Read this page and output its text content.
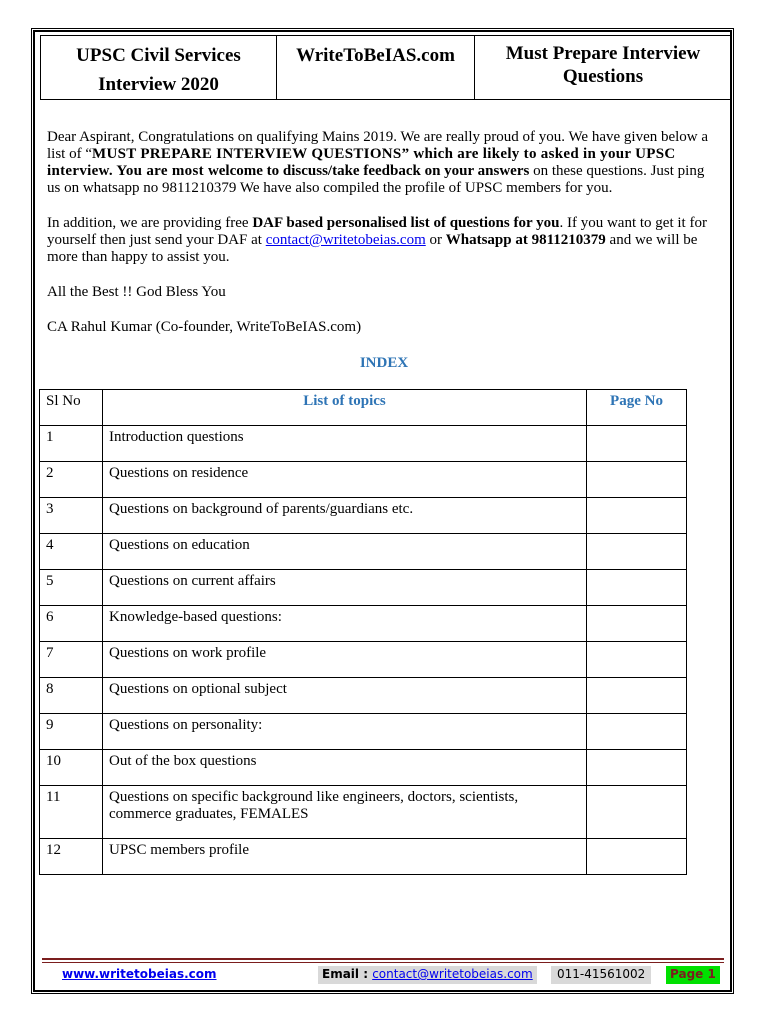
UPSC Civil Services Interview 2020	WriteToBeIAS.com	Must Prepare Interview Questions

Dear Aspirant, Congratulations on qualifying Mains 2019. We are really proud of you. We have given below a list of “MUST PREPARE INTERVIEW QUESTIONS” which are likely to asked in your UPSC interview. You are most welcome to discuss/take feedback on your answers on these questions. Just ping us on whatsapp no 9811210379 We have also compiled the profile of UPSC members for you.

In addition, we are providing free DAF based personalised list of questions for you. If you want to get it for yourself then just send your DAF at contact@writetobeias.com or Whatsapp at 9811210379 and we will be more than happy to assist you.

All the Best !! God Bless You

CA Rahul Kumar (Co-founder, WriteToBeIAS.com)

INDEX
Sl No	List of topics	Page No
1	Introduction questions	
2	Questions on residence	
3	Questions on background of parents/guardians etc.	
4	Questions on education	
5	Questions on current affairs	
6	Knowledge-based questions:	
7	Questions on work profile	
8	Questions on optional subject	
9	Questions on personality:	
10	Out of the box questions	
11	Questions on specific background like engineers, doctors, scientists, commerce graduates, FEMALES	
12	UPSC members profile	
www.writetobeias.com	Email : contact@writetobeias.com	011-41561002	Page 1
